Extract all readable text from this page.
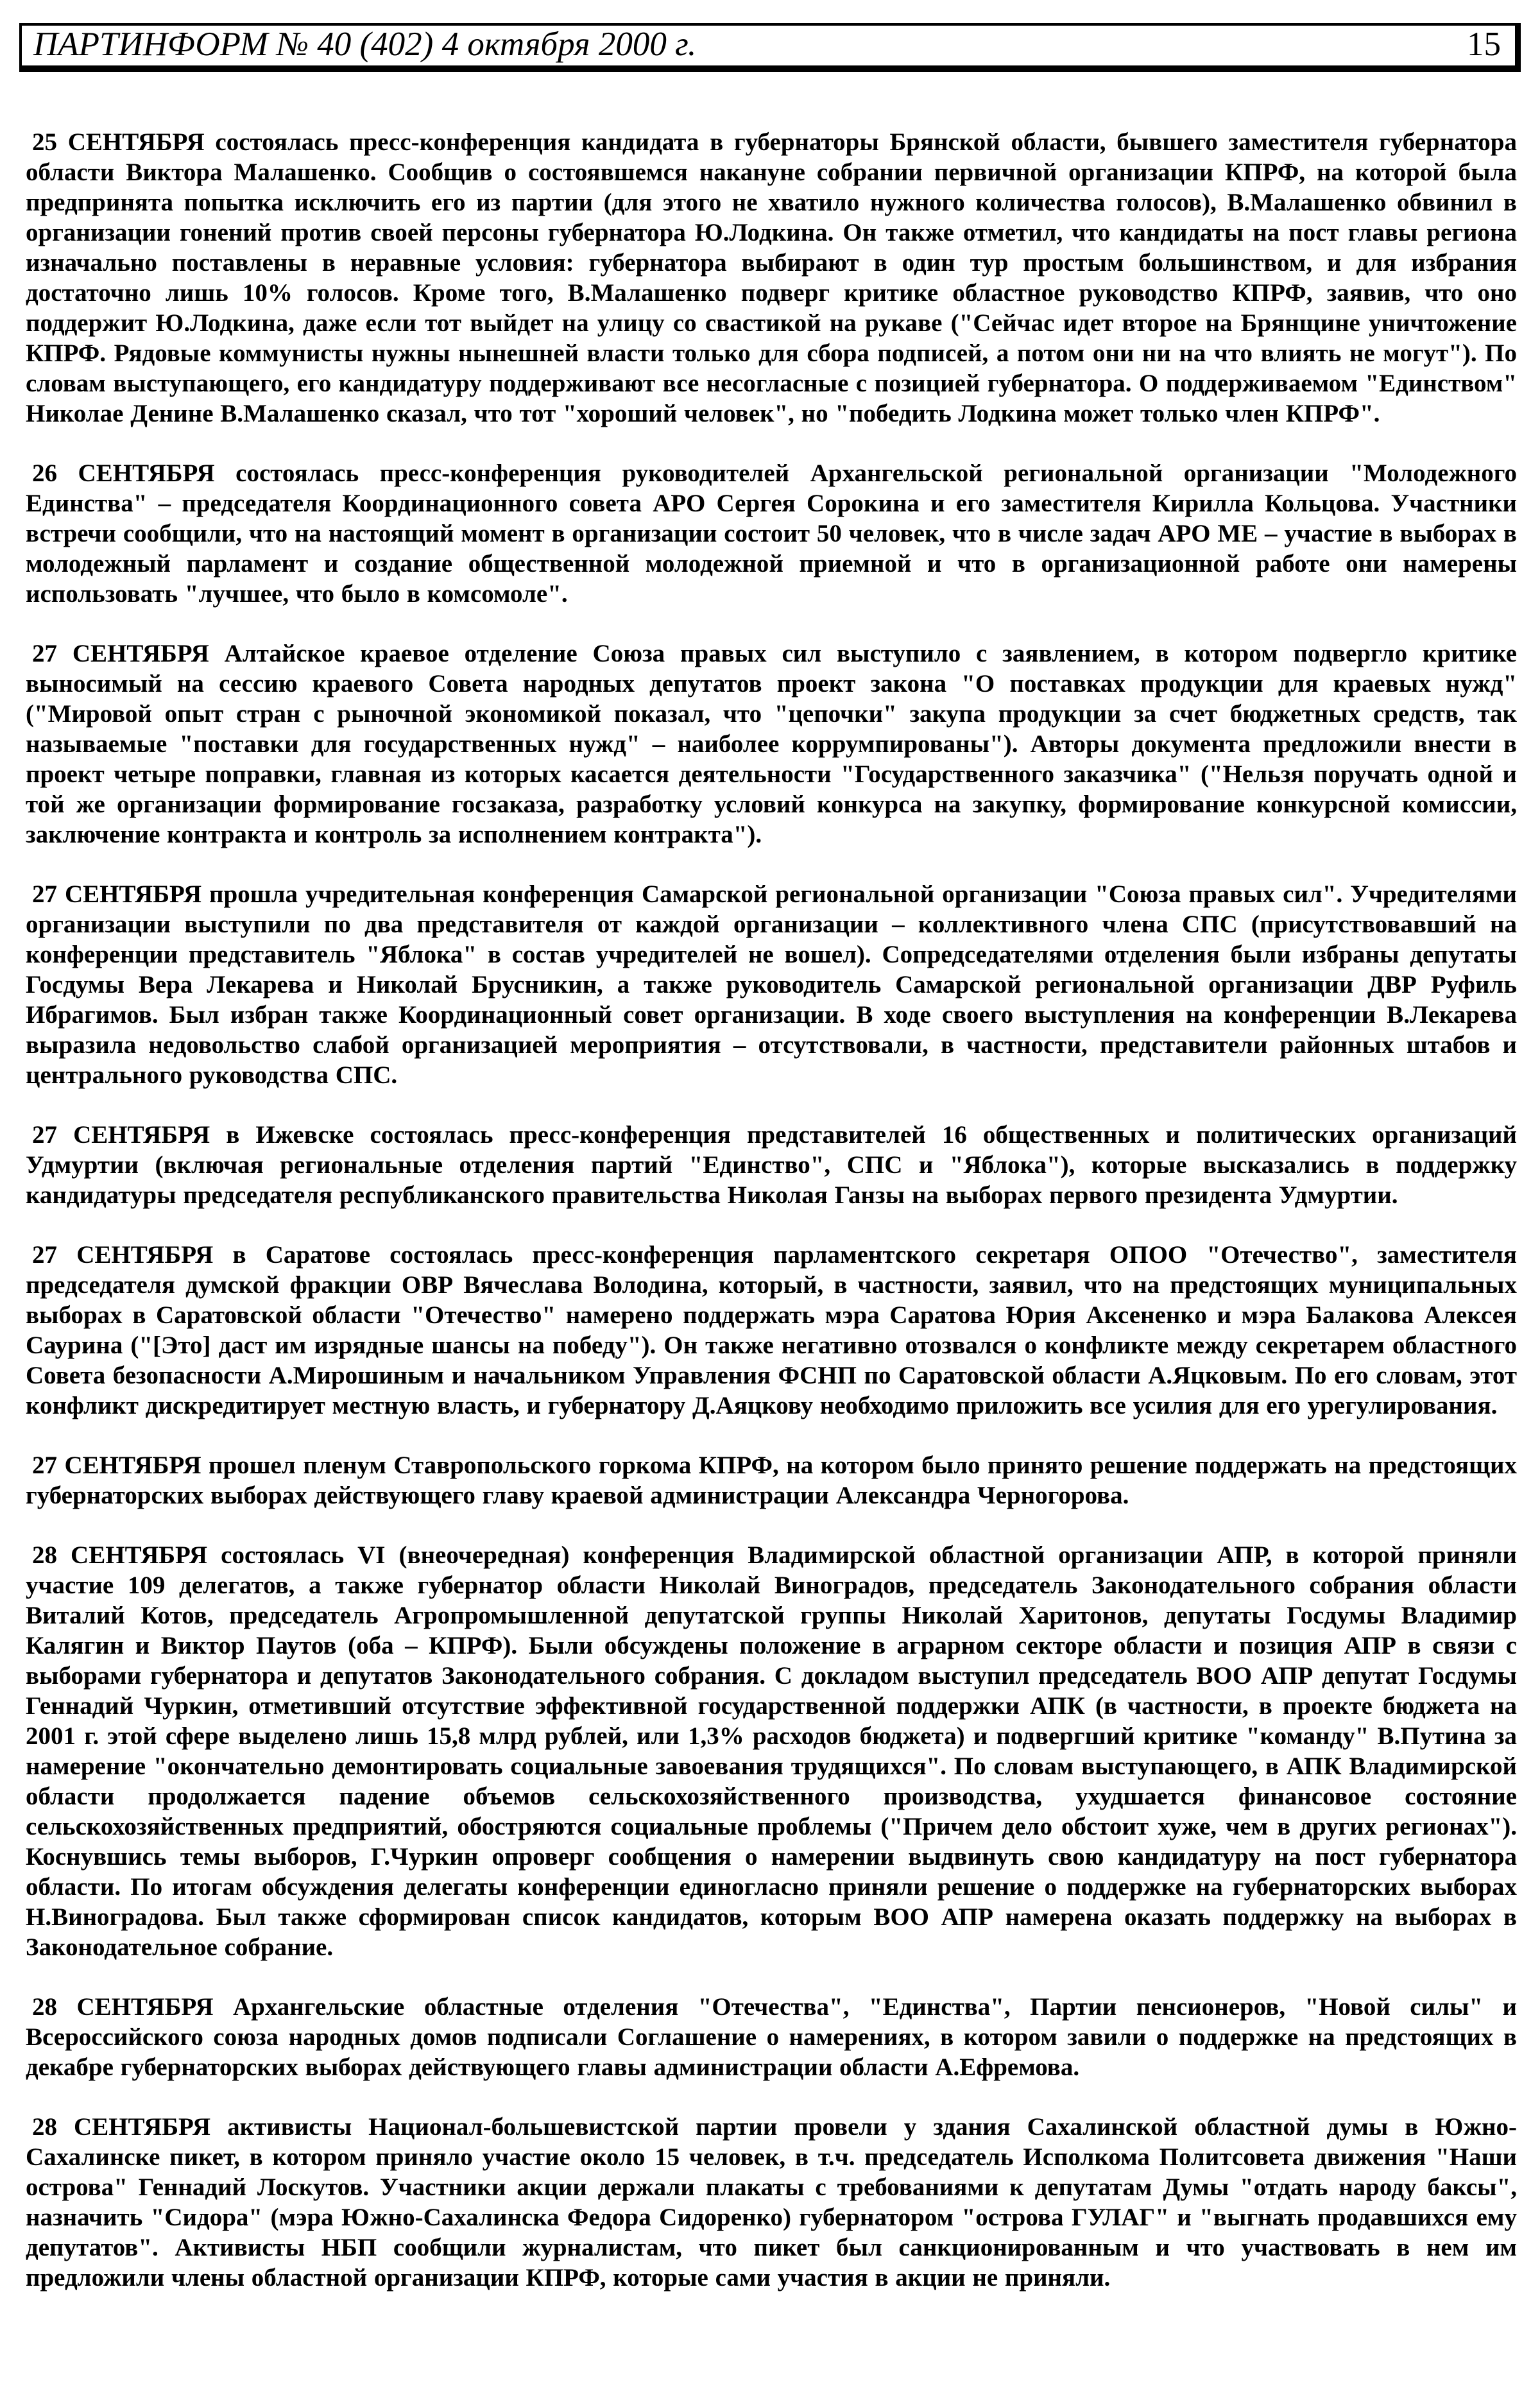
ПАРТИНФОРМ № 40 (402) 4 октября 2000 г.	15

25 СЕНТЯБРЯ состоялась пресс-конференция кандидата в губернаторы Брянской области, бывшего заместителя губернатора области Виктора Малашенко. Сообщив о состоявшемся накануне собрании первичной организации КПРФ, на которой была предпринята попытка исключить его из партии (для этого не хватило нужного количества голосов), В.Малашенко обвинил в организации гонений против своей персоны губернатора Ю.Лодкина. Он также отметил, что кандидаты на пост главы региона изначально поставлены в неравные условия: губернатора выбирают в один тур простым большинством, и для избрания достаточно лишь 10% голосов. Кроме того, В.Малашенко подверг критике областное руководство КПРФ, заявив, что оно поддержит Ю.Лодкина, даже если тот выйдет на улицу со свастикой на рукаве ("Сейчас идет второе на Брянщине уничтожение КПРФ. Рядовые коммунисты нужны нынешней власти только для сбора подписей, а потом они ни на что влиять не могут"). По словам выступающего, его кандидатуру поддерживают все несогласные с позицией губернатора. О поддерживаемом "Единством" Николае Денине В.Малашенко сказал, что тот "хороший человек", но "победить Лодкина может только член КПРФ".

26 СЕНТЯБРЯ состоялась пресс-конференция руководителей Архангельской региональной организации "Молодежного Единства" – председателя Координационного совета АРО Сергея Сорокина и его заместителя Кирилла Кольцова. Участники встречи сообщили, что на настоящий момент в организации состоит 50 человек, что в числе задач АРО МЕ – участие в выборах в молодежный парламент и создание общественной молодежной приемной и что в организационной работе они намерены использовать "лучшее, что было в комсомоле".

27 СЕНТЯБРЯ Алтайское краевое отделение Союза правых сил выступило с заявлением, в котором подвергло критике выносимый на сессию краевого Совета народных депутатов проект закона "О поставках продукции для краевых нужд" ("Мировой опыт стран с рыночной экономикой показал, что "цепочки" закупа продукции за счет бюджетных средств, так называемые "поставки для государственных нужд" – наиболее коррумпированы"). Авторы документа предложили внести в проект четыре поправки, главная из которых касается деятельности "Государственного заказчика" ("Нельзя поручать одной и той же организации формирование госзаказа, разработку условий конкурса на закупку, формирование конкурсной комиссии, заключение контракта и контроль за исполнением контракта").

27 СЕНТЯБРЯ прошла учредительная конференция Самарской региональной организации "Союза правых сил". Учредителями организации выступили по два представителя от каждой организации – коллективного члена СПС (присутствовавший на конференции представитель "Яблока" в состав учредителей не вошел). Сопредседателями отделения были избраны депутаты Госдумы Вера Лекарева и Николай Брусникин, а также руководитель Самарской региональной организации ДВР Руфиль Ибрагимов. Был избран также Координационный совет организации. В ходе своего выступления на конференции В.Лекарева выразила недовольство слабой организацией мероприятия – отсутствовали, в частности, представители районных штабов и центрального руководства СПС.

27 СЕНТЯБРЯ в Ижевске состоялась пресс-конференция представителей 16 общественных и политических организаций Удмуртии (включая региональные отделения партий "Единство", СПС и "Яблока"), которые высказались в поддержку кандидатуры председателя республиканского правительства Николая Ганзы на выборах первого президента Удмуртии.

27 СЕНТЯБРЯ в Саратове состоялась пресс-конференция парламентского секретаря ОПОО "Отечество", заместителя председателя думской фракции ОВР Вячеслава Володина, который, в частности, заявил, что на предстоящих муниципальных выборах в Саратовской области "Отечество" намерено поддержать мэра Саратова Юрия Аксененко и мэра Балакова Алексея Саурина ("[Это] даст им изрядные шансы на победу"). Он также негативно отозвался о конфликте между секретарем областного Совета безопасности А.Мирошиным и начальником Управления ФСНП по Саратовской области А.Яцковым. По его словам, этот конфликт дискредитирует местную власть, и губернатору Д.Аяцкову необходимо приложить все усилия для его урегулирования.

27 СЕНТЯБРЯ прошел пленум Ставропольского горкома КПРФ, на котором было принято решение поддержать на предстоящих губернаторских выборах действующего главу краевой администрации Александра Черногорова.

28 СЕНТЯБРЯ состоялась VI (внеочередная) конференция Владимирской областной организации АПР, в которой приняли участие 109 делегатов, а также губернатор области Николай Виноградов, председатель Законодательного собрания области Виталий Котов, председатель Агропромышленной депутатской группы Николай Харитонов, депутаты Госдумы Владимир Калягин и Виктор Паутов (оба – КПРФ). Были обсуждены положение в аграрном секторе области и позиция АПР в связи с выборами губернатора и депутатов Законодательного собрания. С докладом выступил председатель ВОО АПР депутат Госдумы Геннадий Чуркин, отметивший отсутствие эффективной государственной поддержки АПК (в частности, в проекте бюджета на 2001 г. этой сфере выделено лишь 15,8 млрд рублей, или 1,3% расходов бюджета) и подвергший критике "команду" В.Путина за намерение "окончательно демонтировать социальные завоевания трудящихся". По словам выступающего, в АПК Владимирской области продолжается падение объемов сельскохозяйственного производства, ухудшается финансовое состояние сельскохозяйственных предприятий, обостряются социальные проблемы ("Причем дело обстоит хуже, чем в других регионах"). Коснувшись темы выборов, Г.Чуркин опроверг сообщения о намерении выдвинуть свою кандидатуру на пост губернатора области. По итогам обсуждения делегаты конференции единогласно приняли решение о поддержке на губернаторских выборах Н.Виноградова. Был также сформирован список кандидатов, которым ВОО АПР намерена оказать поддержку на выборах в Законодательное собрание.

28 СЕНТЯБРЯ Архангельские областные отделения "Отечества", "Единства", Партии пенсионеров, "Новой силы" и Всероссийского союза народных домов подписали Соглашение о намерениях, в котором завили о поддержке на предстоящих в декабре губернаторских выборах действующего главы администрации области А.Ефремова.

28 СЕНТЯБРЯ активисты Национал-большевистской партии провели у здания Сахалинской областной думы в Южно-Сахалинске пикет, в котором приняло участие около 15 человек, в т.ч. председатель Исполкома Политсовета движения "Наши острова" Геннадий Лоскутов. Участники акции держали плакаты с требованиями к депутатам Думы "отдать народу баксы", назначить "Сидора" (мэра Южно-Сахалинска Федора Сидоренко) губернатором "острова ГУЛАГ" и "выгнать продавшихся ему депутатов". Активисты НБП сообщили журналистам, что пикет был санкционированным и что участвовать в нем им предложили члены областной организации КПРФ, которые сами участия в акции не приняли.
